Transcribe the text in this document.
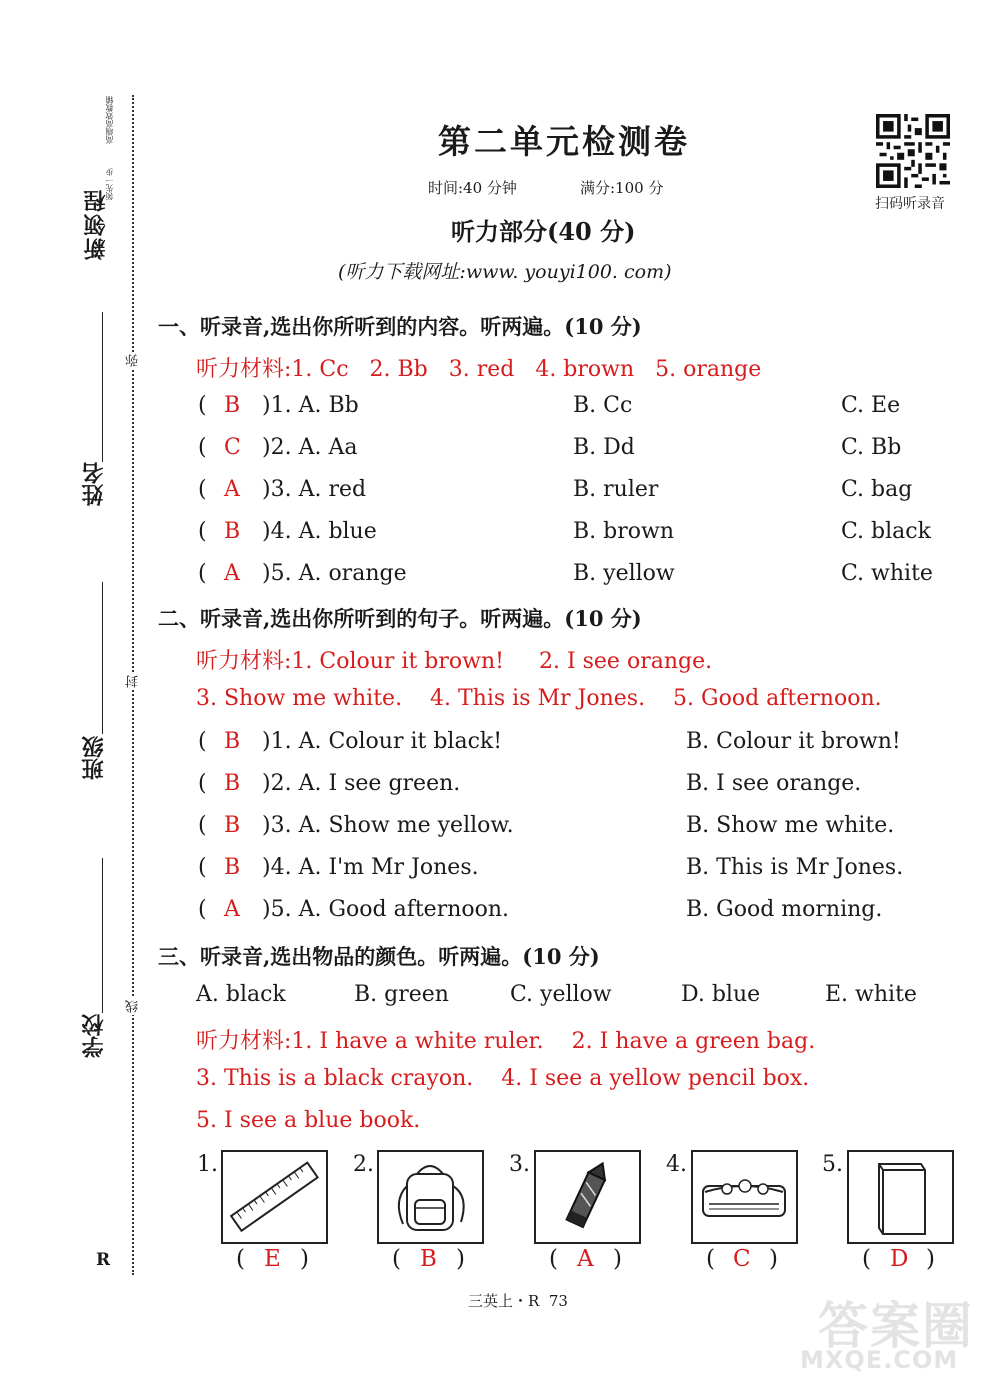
新领程
高端高效教辅
领先一步
姓名
班级
学校
弥
封
线
R
第二单元检测卷
时间:40 分钟	满分:100 分
听力部分(40 分)
(听力下载网址:www. youyi100. com)
扫码听录音
一、听录音,选出你所听到的内容。听两遍。(10 分)
听力材料:1. Cc   2. Bb   3. red   4. brown   5. orange
( B )1. A. Bb	B. Cc	C. Ee
( C )2. A. Aa	B. Dd	C. Bb
( A )3. A. red	B. ruler	C. bag
( B )4. A. blue	B. brown	C. black
( A )5. A. orange	B. yellow	C. white
二、听录音,选出你所听到的句子。听两遍。(10 分)
听力材料:1. Colour it brown!     2. I see orange.
3. Show me white.    4. This is Mr Jones.    5. Good afternoon.
( B )1. A. Colour it black!	B. Colour it brown!
( B )2. A. I see green.	B. I see orange.
( B )3. A. Show me yellow.	B. Show me white.
( B )4. A. I'm Mr Jones.	B. This is Mr Jones.
( A )5. A. Good afternoon.	B. Good morning.
三、听录音,选出物品的颜色。听两遍。(10 分)
A. black	B. green	C. yellow	D. blue	E. white
听力材料:1. I have a white ruler.    2. I have a green bag.
3. This is a black crayon.    4. I see a yellow pencil box.
5. I see a blue book.
1.
( E )
2.
( B )
3.
( A )
4.
( C )
5.
( D )
三英上・R  73	答案圈
MXQE.COM
